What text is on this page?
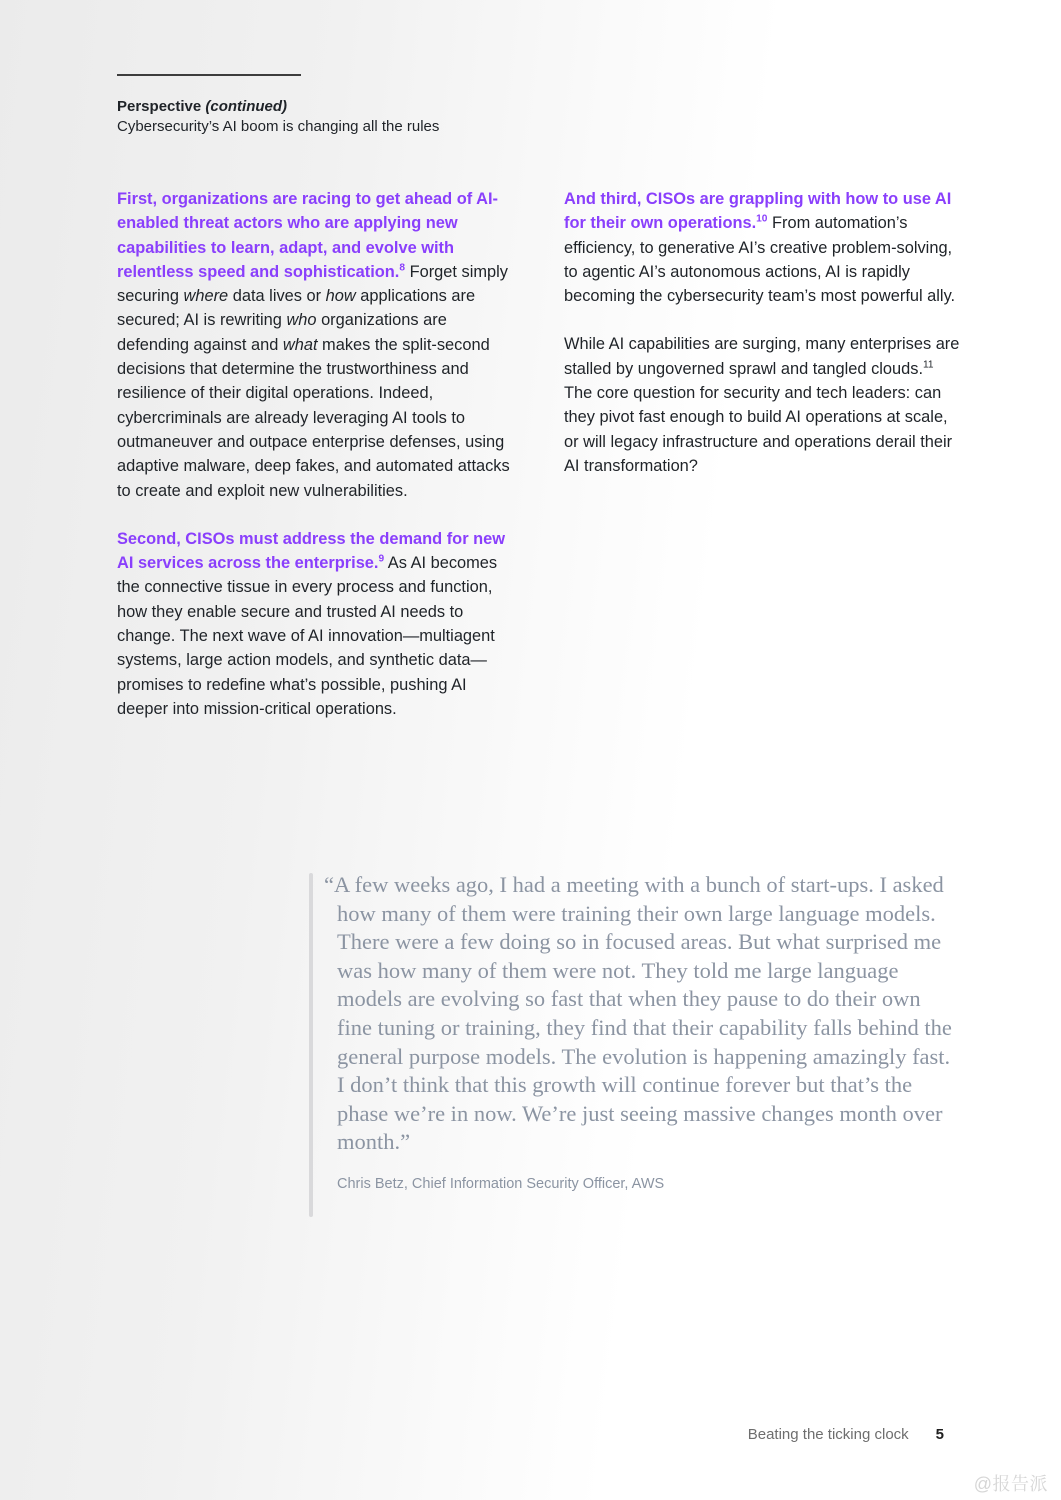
Perspective (continued)
Cybersecurity’s AI boom is changing all the rules

First, organizations are racing to get ahead of AI-enabled threat actors who are applying new capabilities to learn, adapt, and evolve with relentless speed and sophistication.$^8$ Forget simply securing where data lives or how applications are secured; AI is rewriting who organizations are defending against and what makes the split-second decisions that determine the trustworthiness and resilience of their digital operations. Indeed, cybercriminals are already leveraging AI tools to outmaneuver and outpace enterprise defenses, using adaptive malware, deep fakes, and automated attacks to create and exploit new vulnerabilities.

Second, CISOs must address the demand for new AI services across the enterprise.$^9$ As AI becomes the connective tissue in every process and function, how they enable secure and trusted AI needs to change. The next wave of AI innovation—multiagent systems, large action models, and synthetic data—promises to redefine what’s possible, pushing AI deeper into mission-critical operations.

And third, CISOs are grappling with how to use AI for their own operations.$^{10}$ From automation’s efficiency, to generative AI’s creative problem-solving, to agentic AI’s autonomous actions, AI is rapidly becoming the cybersecurity team’s most powerful ally.

While AI capabilities are surging, many enterprises are stalled by ungoverned sprawl and tangled clouds.$^{11}$ The core question for security and tech leaders: can they pivot fast enough to build AI operations at scale, or will legacy infrastructure and operations derail their AI transformation?

“A few weeks ago, I had a meeting with a bunch of start-ups. I asked how many of them were training their own large language models. There were a few doing so in focused areas. But what surprised me was how many of them were not. They told me large language models are evolving so fast that when they pause to do their own fine tuning or training, they find that their capability falls behind the general purpose models. The evolution is happening amazingly fast. I don’t think that this growth will continue forever but that’s the phase we’re in now. We’re just seeing massive changes month over month.”

Chris Betz, Chief Information Security Officer, AWS

Beating the ticking clock 5
@报告派
